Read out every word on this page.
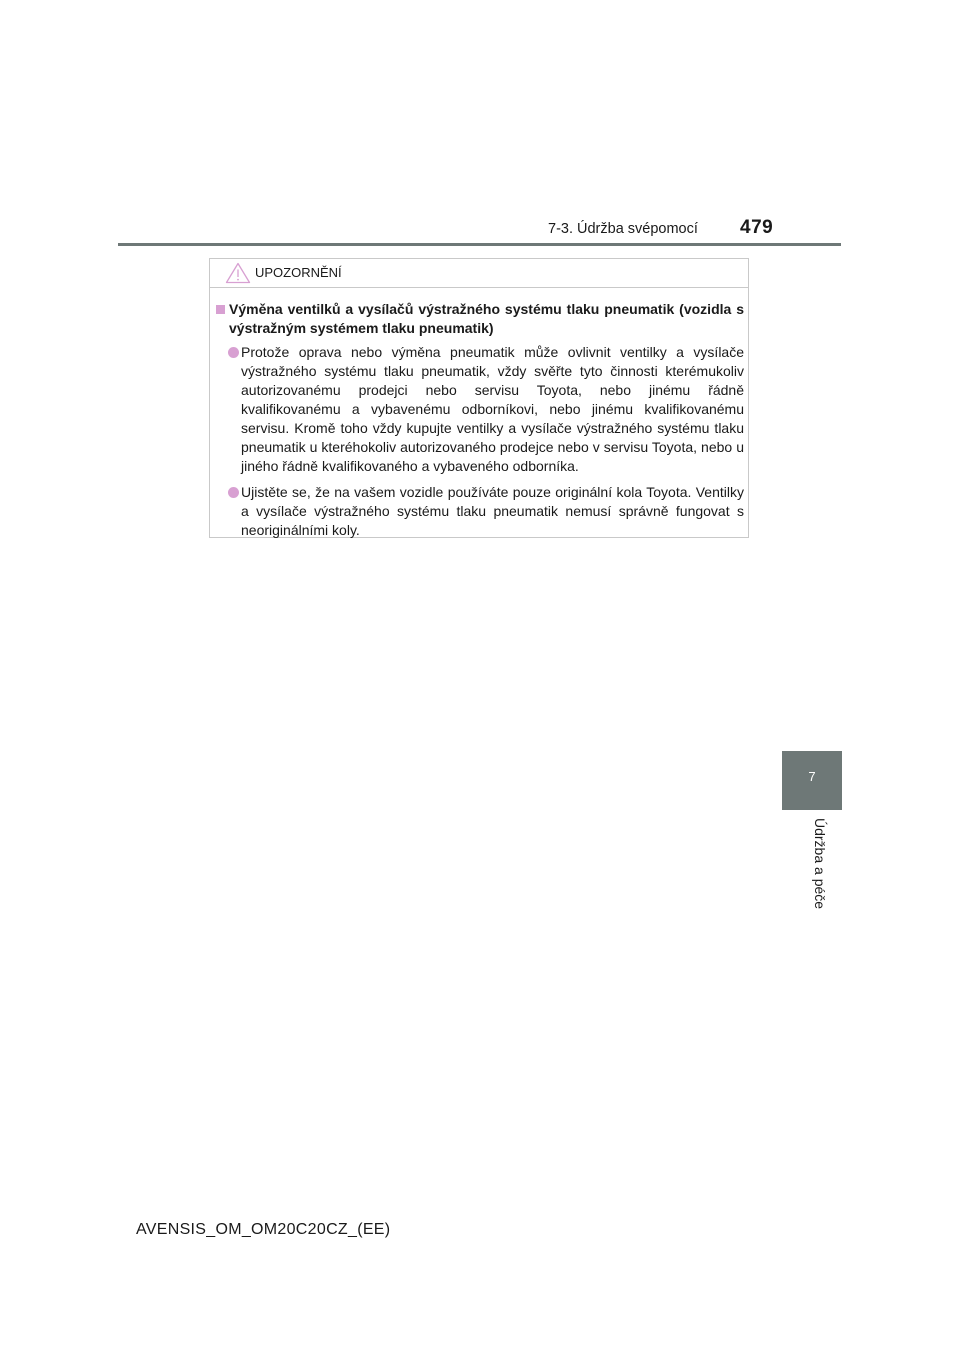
7-3. Údržba svépomocí 479
UPOZORNĚNÍ
Výměna ventilků a vysílačů výstražného systému tlaku pneumatik (vozidla s výstražným systémem tlaku pneumatik)
Protože oprava nebo výměna pneumatik může ovlivnit ventilky a vysílače výstražného systému tlaku pneumatik, vždy svěřte tyto činnosti kterémukoliv autorizovanému prodejci nebo servisu Toyota, nebo jinému řádně kvalifikovanému a vybavenému odborníkovi, nebo jinému kvalifikovanému servisu. Kromě toho vždy kupujte ventilky a vysílače výstražného systému tlaku pneumatik u kteréhokoliv autorizovaného prodejce nebo v servisu Toyota, nebo u jiného řádně kvalifikovaného a vybaveného odborníka.
Ujistěte se, že na vašem vozidle používáte pouze originální kola Toyota. Ventilky a vysílače výstražného systému tlaku pneumatik nemusí správně fungovat s neoriginálními koly.
7
Údržba a péče
AVENSIS_OM_OM20C20CZ_(EE)
